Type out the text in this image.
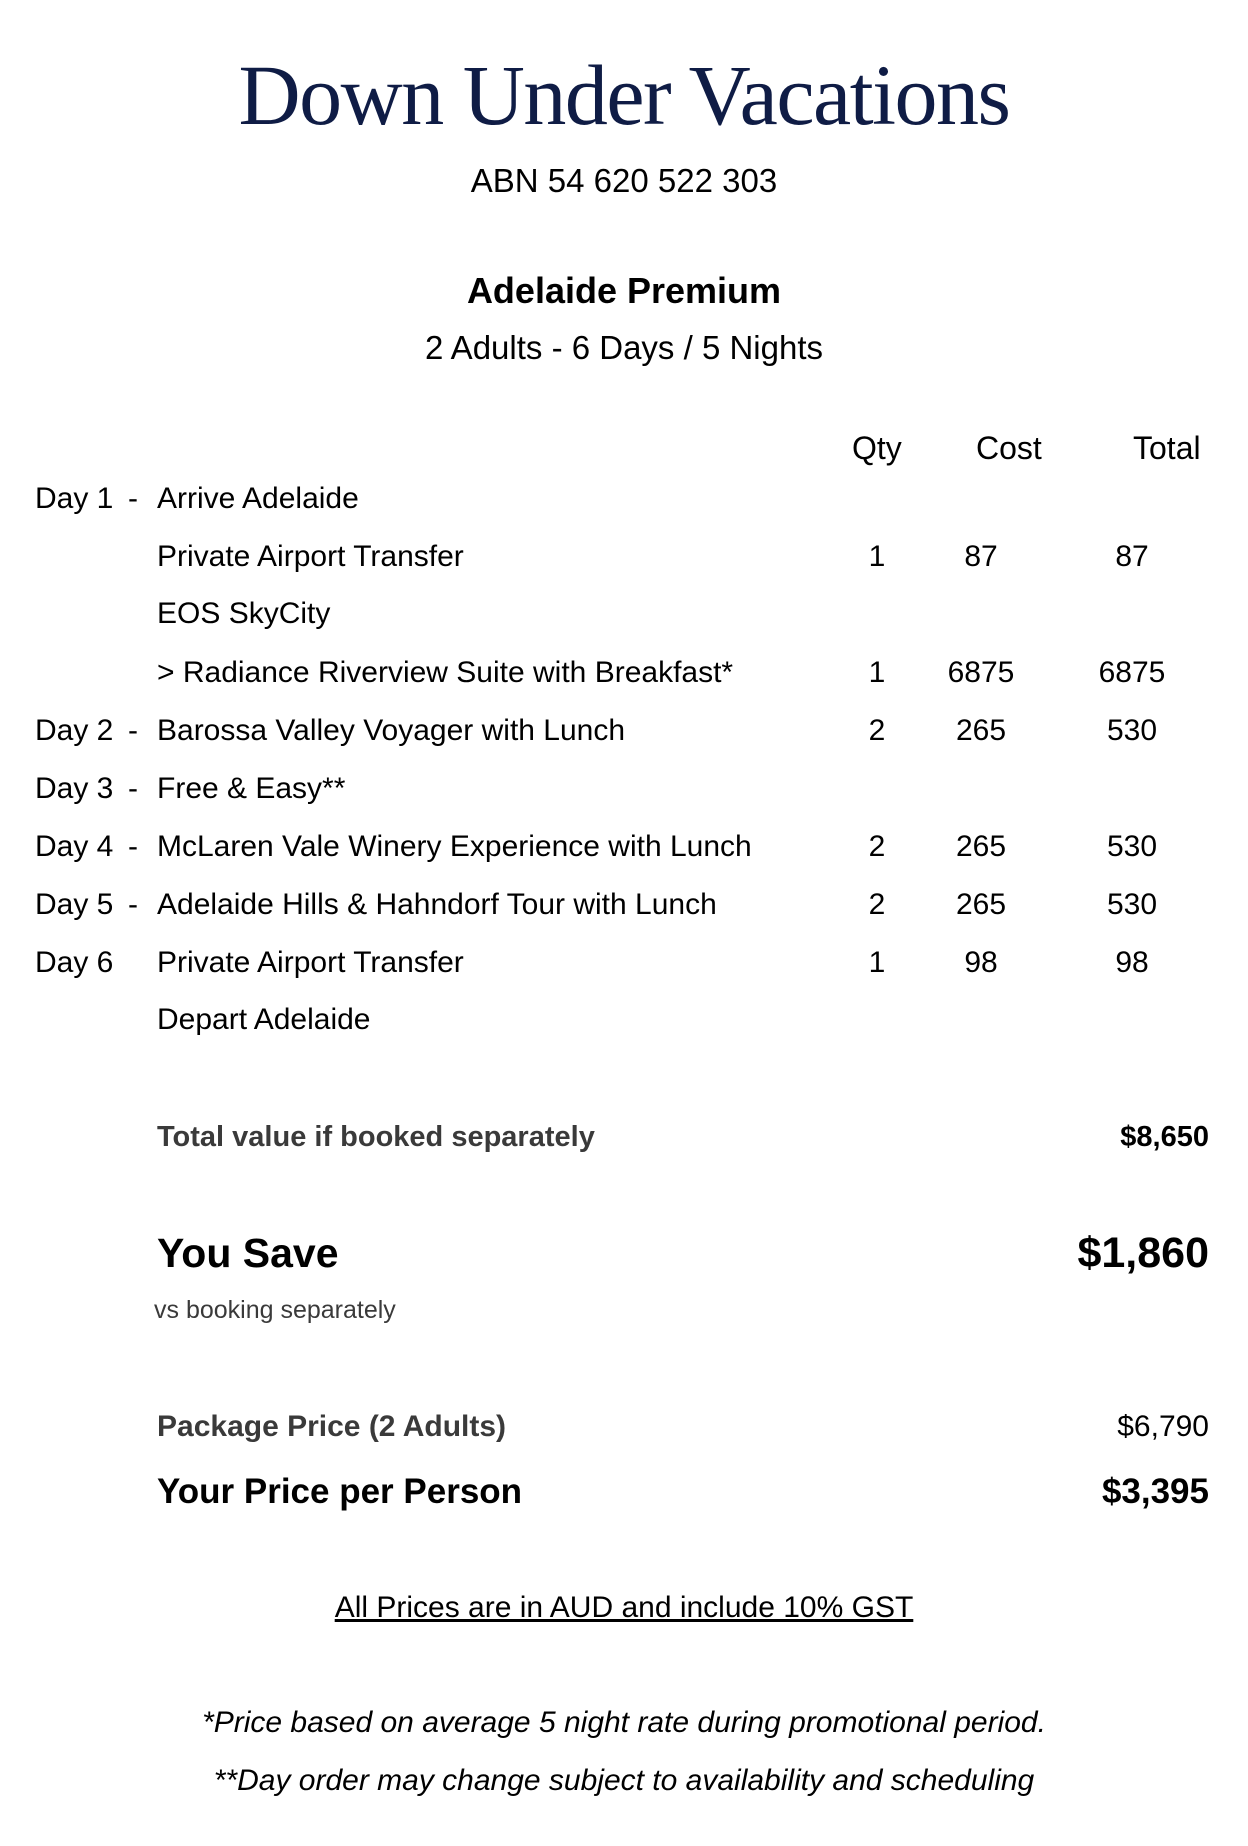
Down Under Vacations
ABN 54 620 522 303
Adelaide Premium
2 Adults - 6 Days / 5 Nights
Qty Cost	Total
Day 1 - Arrive Adelaide
Private Airport Transfer	1	87	87
EOS SkyCity
> Radiance Riverview Suite with Breakfast*	1	6875	6875
Day 2 - Barossa Valley Voyager with Lunch	2	265	530
Day 3 - Free & Easy**
Day 4 - McLaren Vale Winery Experience with Lunch	2	265	530
Day 5 - Adelaide Hills & Hahndorf Tour with Lunch	2	265	530
Day 6 Private Airport Transfer	1	98	98
Depart Adelaide
Total value if booked separately	$8,650
You Save	$1,860
vs booking separately
Package Price (2 Adults)	$6,790
Your Price per Person	$3,395
All Prices are in AUD and include 10% GST
*Price based on average 5 night rate during promotional period.
**Day order may change subject to availability and scheduling
